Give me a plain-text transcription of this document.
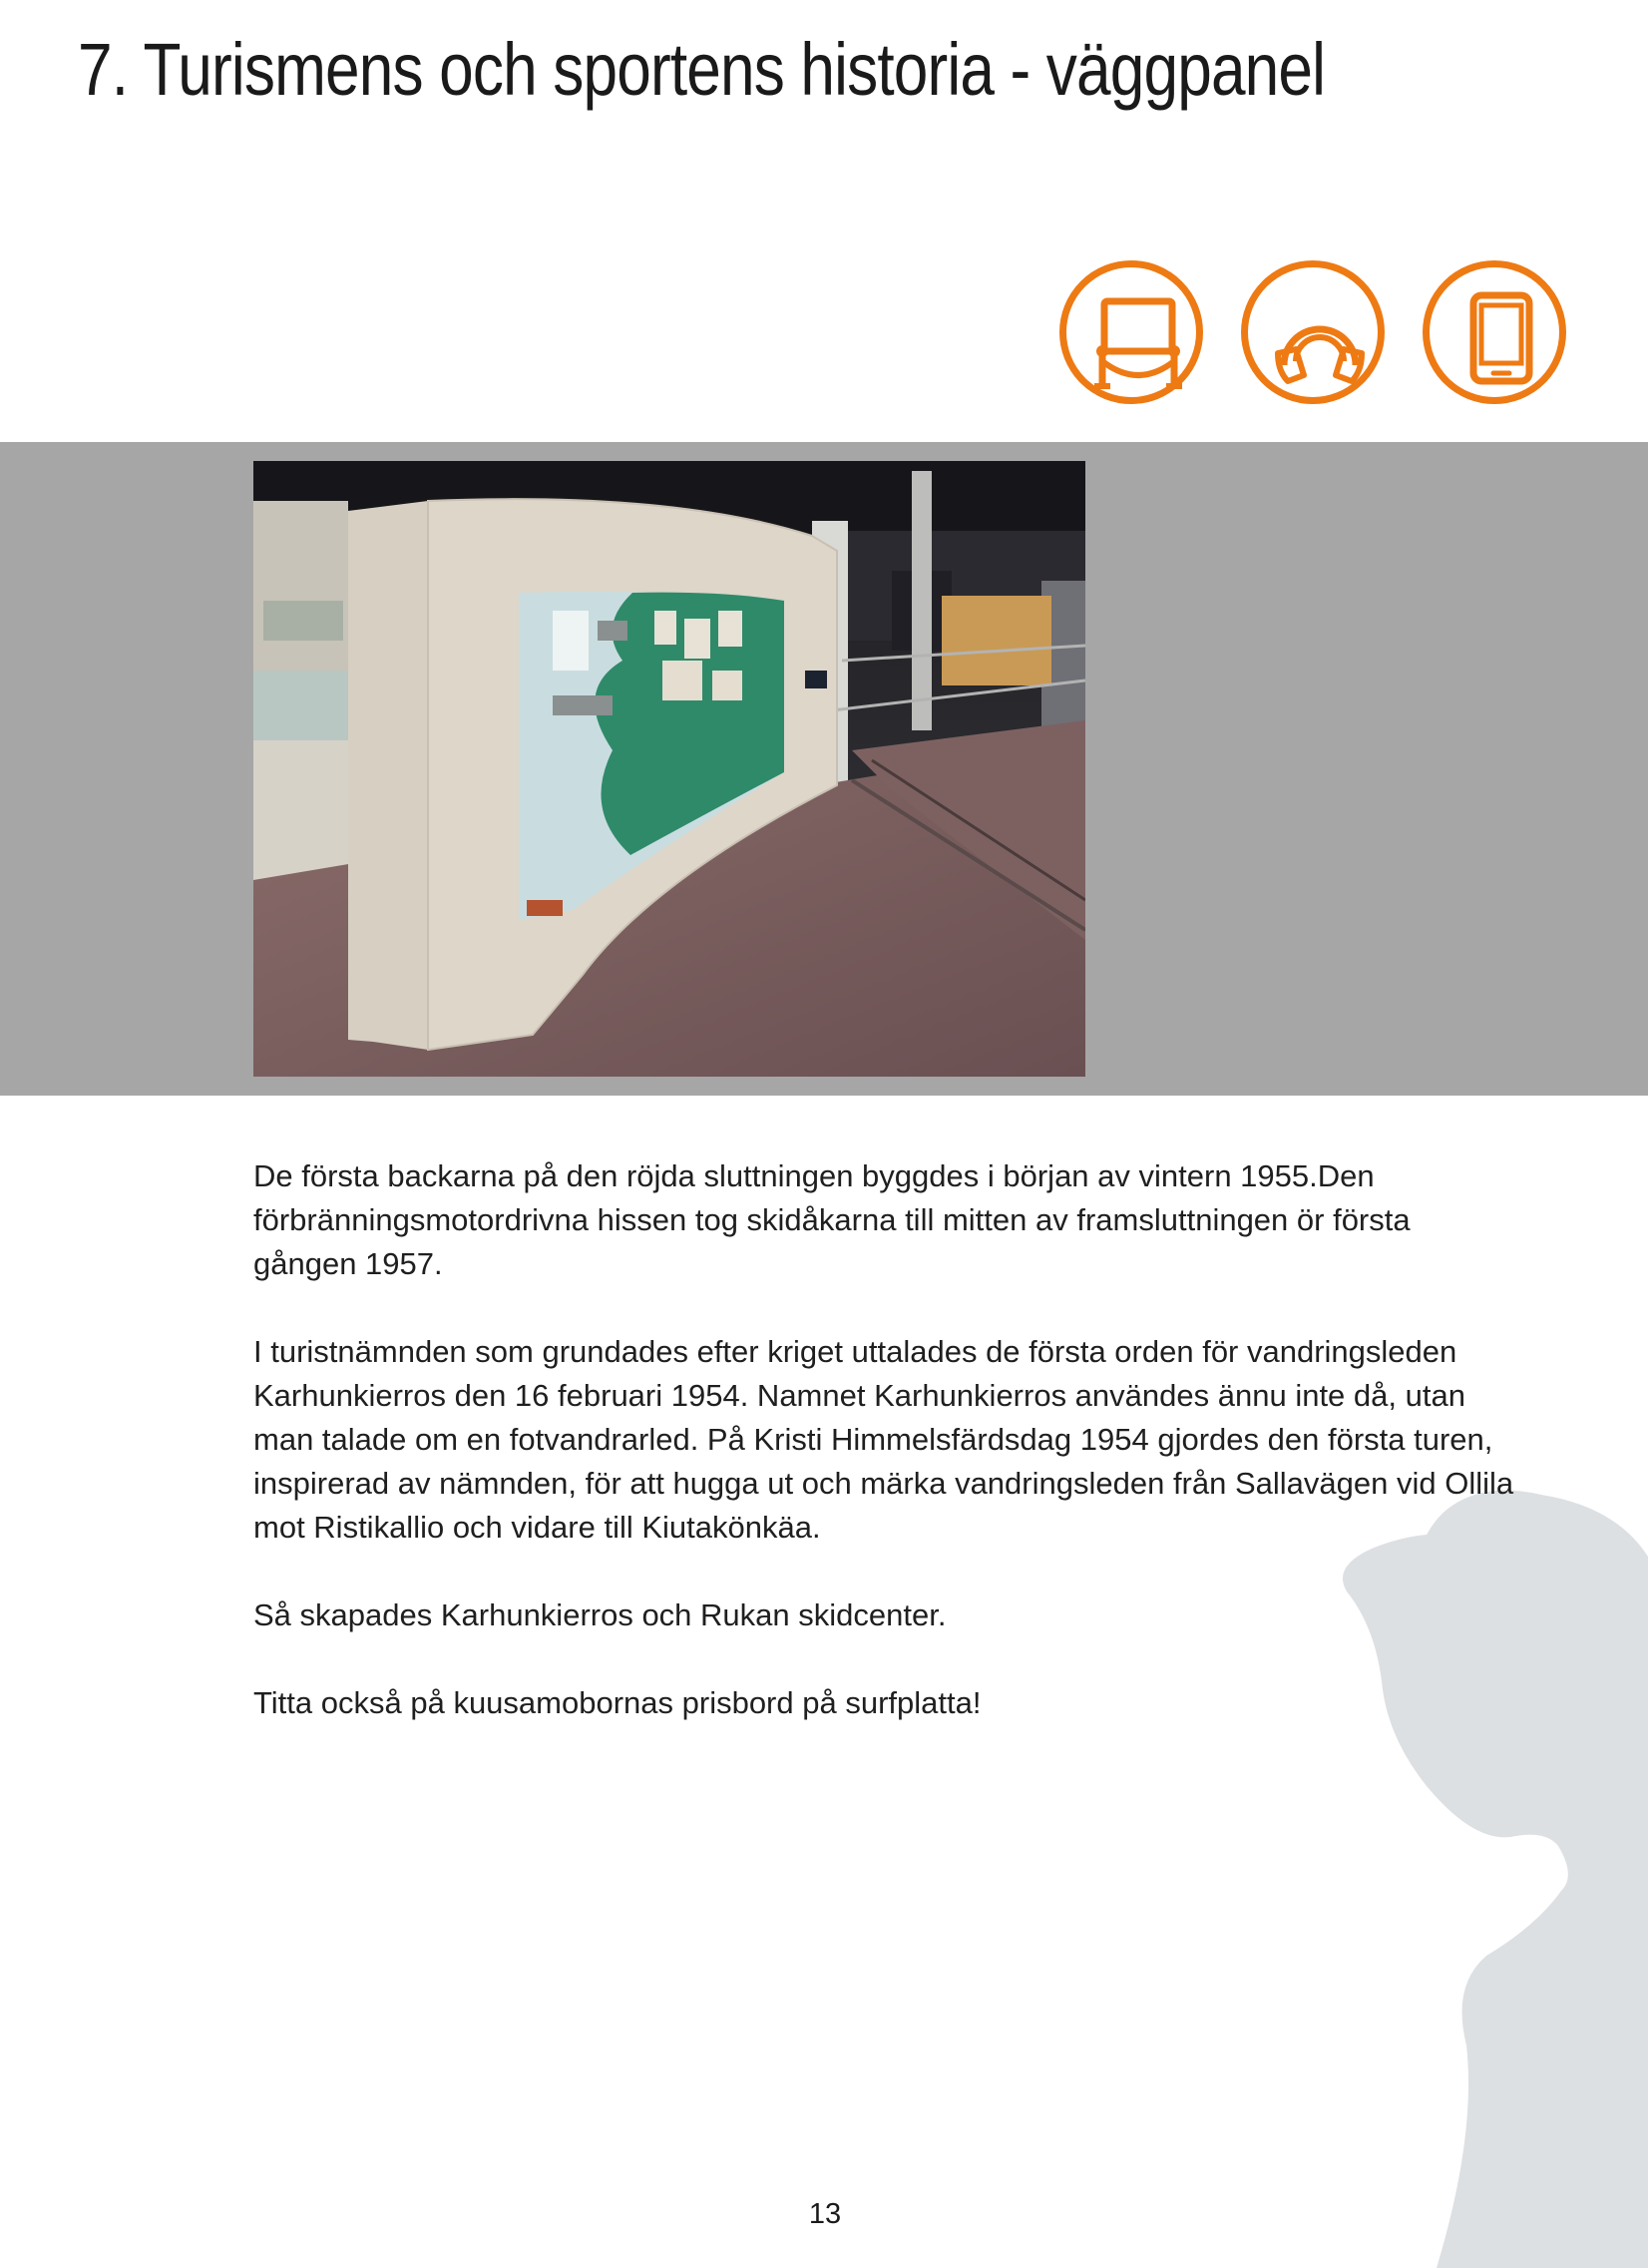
7. Turismens och sportens historia - väggpanel

De första backarna på den röjda sluttningen byggdes i början av vintern 1955.Den förbränningsmotordrivna hissen tog skidåkarna till mitten av framsluttningen ör första gången 1957.

I turistnämnden som grundades efter kriget uttalades de första orden för vandringsleden Karhunkierros den 16 februari 1954. Namnet Karhunkierros användes ännu inte då, utan man talade om en fotvandrarled. På Kristi Himmelsfärdsdag 1954 gjordes den första turen, inspirerad av nämnden, för att hugga ut och märka vandringsleden från Sallavägen vid Ollila mot Ristikallio och vidare till Kiutakönkäa.

Så skapades Karhunkierros och Rukan skidcenter.

Titta också på kuusamobornas prisbord på surfplatta!

13
